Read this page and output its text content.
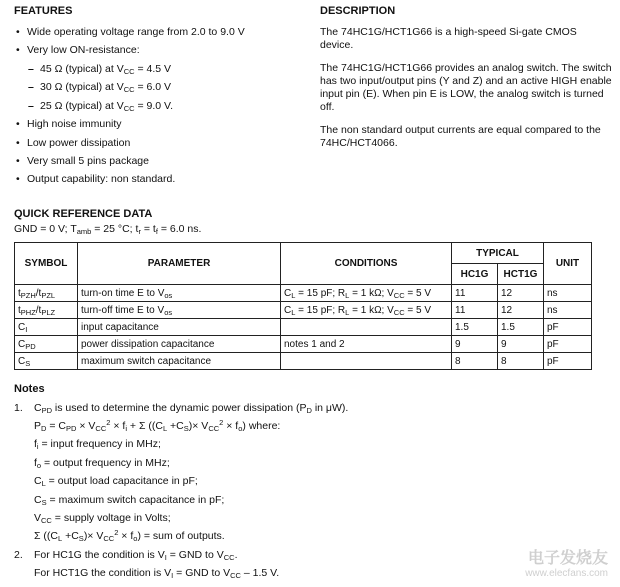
FEATURES
• Wide operating voltage range from 2.0 to 9.0 V
• Very low ON-resistance:
– 45 Ω (typical) at $V_{CC} = 4.5$ V
– 30 Ω (typical) at $V_{CC} = 6.0$ V
– 25 Ω (typical) at $V_{CC} = 9.0$ V.
• High noise immunity
• Low power dissipation
• Very small 5 pins package
• Output capability: non standard.
DESCRIPTION
The 74HC1G/HCT1G66 is a high-speed Si-gate CMOS device.
The 74HC1G/HCT1G66 provides an analog switch. The switch has two input/output pins (Y and Z) and an active HIGH enable input pin (E). When pin E is LOW, the analog switch is turned off.
The non standard output currents are equal compared to the 74HC/HCT4066.
QUICK REFERENCE DATA
GND = 0 V; $T_{amb} = 25$ °C; $t_r = t_f = 6.0$ ns.
SYMBOL	PARAMETER	CONDITIONS	TYPICAL		UNIT
			HC1G	HCT1G	
$t_{PZH}/t_{PZL}$	turn-on time E to $V_{os}$	$C_L = 15$ pF; $R_L = 1$ kΩ; $V_{CC} = 5$ V	11	12	ns
$t_{PHZ}/t_{PLZ}$	turn-off time E to $V_{os}$	$C_L = 15$ pF; $R_L = 1$ kΩ; $V_{CC} = 5$ V	11	12	ns
$C_I$	input capacitance		1.5	1.5	pF
$C_{PD}$	power dissipation capacitance	notes 1 and 2	9	9	pF
$C_S$	maximum switch capacitance		8	8	pF
Notes
1. $C_{PD}$ is used to determine the dynamic power dissipation ($P_D$ in μW).
$P_D = C_{PD} \times V_{CC}^2 \times f_i + \Sigma$ $((C_L +C_S)\times V_{CC}^2 \times f_o)$ where:
$f_i$ = input frequency in MHz;
$f_o$ = output frequency in MHz;
$C_L$ = output load capacitance in pF;
$C_S$ = maximum switch capacitance in pF;
$V_{CC}$ = supply voltage in Volts;
Σ $((C_L +C_S)\times V_{CC}^2 \times f_o)$ = sum of outputs.
2. For HC1G the condition is $V_I$ = GND to $V_{CC}$.
For HCT1G the condition is $V_I$ = GND to $V_{CC} - 1.5$ V.
电子发烧友
www.elecfans.com
